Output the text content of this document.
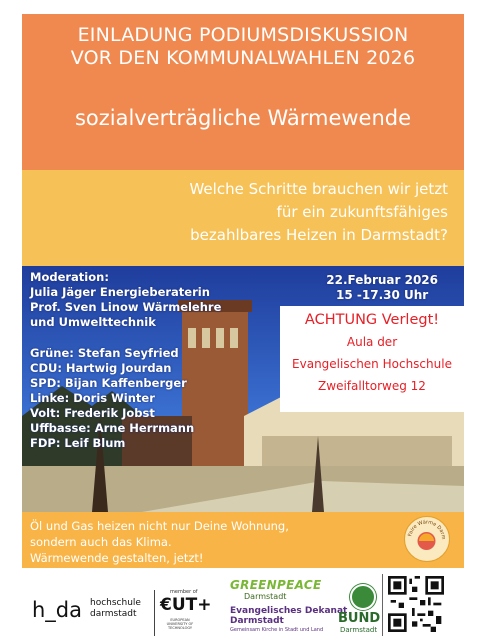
EINLADUNG PODIUMSDISKUSSION
VOR DEN KOMMUNALWAHLEN 2026
sozialverträgliche Wärmewende
Welche Schritte brauchen wir jetzt
für ein zukunftsfähiges
bezahlbares Heizen in Darmstadt?
Moderation:
Julia Jäger Energieberaterin
Prof. Sven Linow Wärmelehre
und Umwelttechnik
Grüne: Stefan Seyfried
CDU: Hartwig Jourdan
SPD: Bijan Kaffenberger
Linke: Doris Winter
Volt: Frederik Jobst
Uffbasse: Arne Herrmann
FDP: Leif Blum
22.Februar 2026
15 -17.30 Uhr
ACHTUNG Verlegt!
Aula der
Evangelischen Hochschule
Zweifalltorweg 12
Öl und Gas heizen nicht nur Deine Wohnung,
sondern auch das Klima.
Wärmewende gestalten, jetzt!
Faire Wärme Darm
h_da hochschule
darmstadt
member of
€UT+
EUROPEAN UNIVERSITY OF TECHNOLOGY
GREENPEACE
Darmstadt
Evangelisches Dekanat
Darmstadt
Gemeinsam Kirche in Stadt und Land
BUND
Darmstadt
